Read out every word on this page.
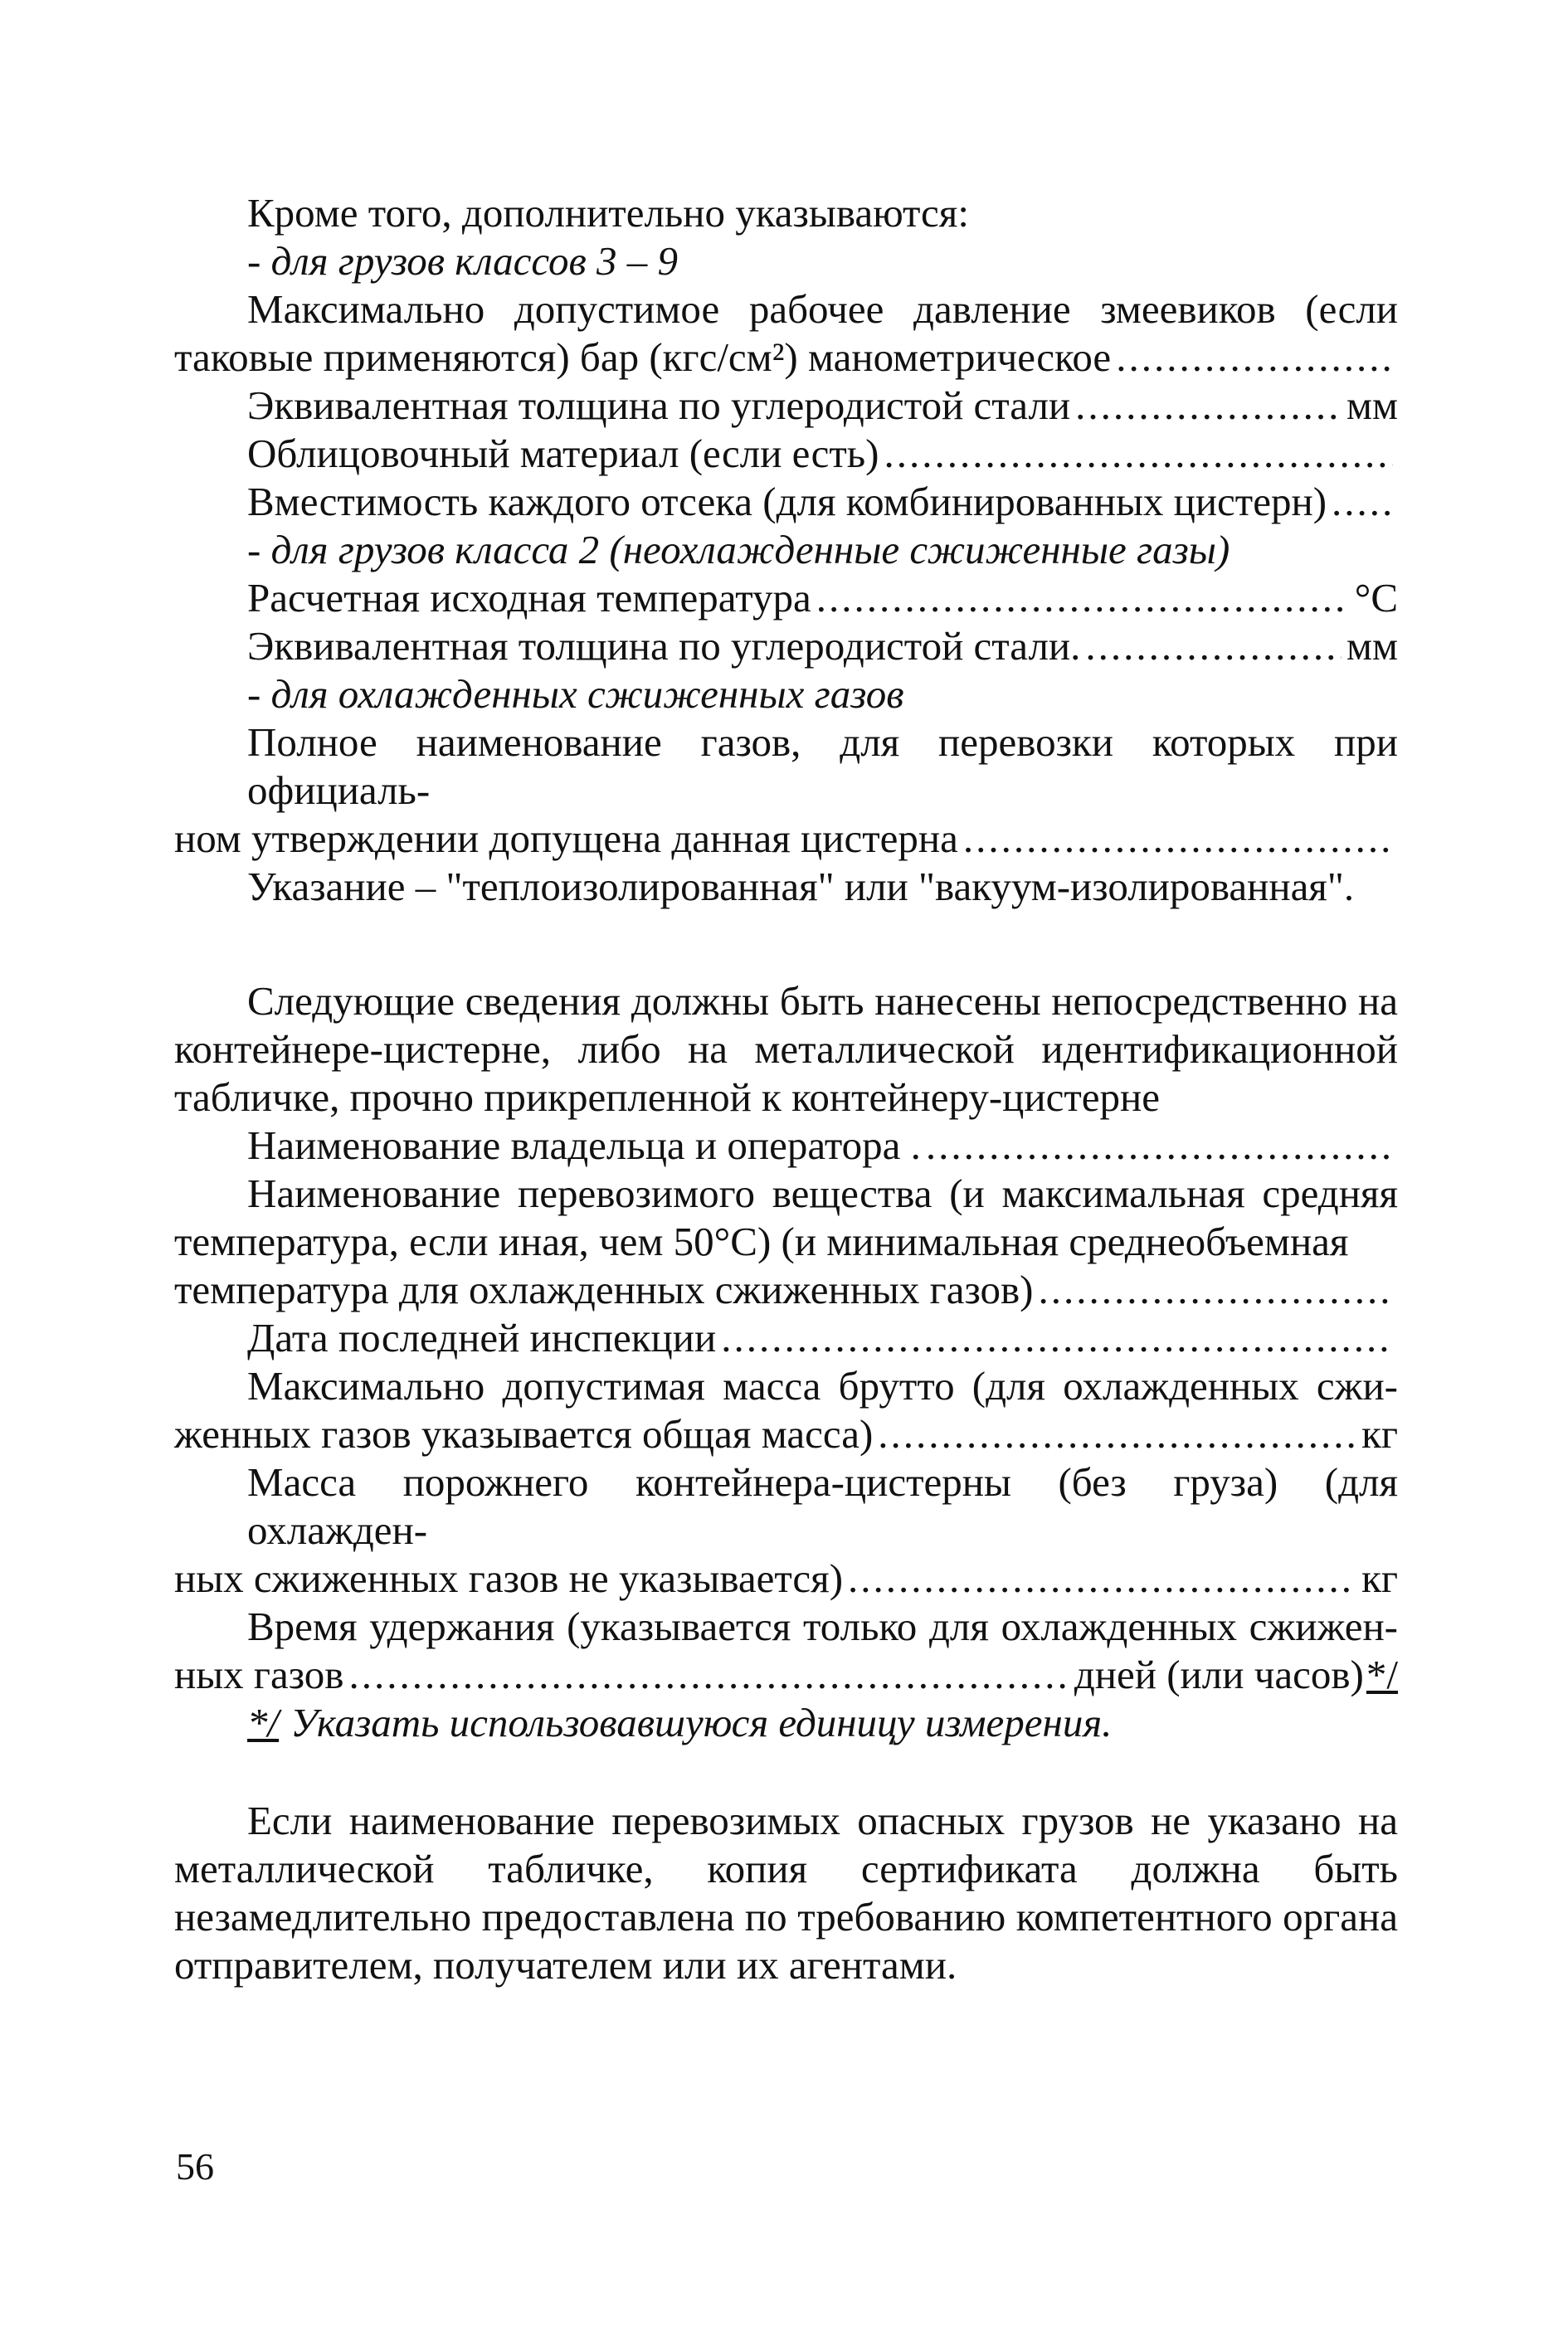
Кроме того, дополнительно указываются:
- для грузов классов 3 – 9
Максимально допустимое рабочее давление змеевиков (если
таковые применяются) бар (кгс/см²) манометрическое
.....
Эквивалентная толщина по углеродистой стали .....	мм
Облицовочный материал (если есть)
.....
Вместимость каждого отсека (для комбинированных цистерн)
.....
- для грузов класса 2 (неохлажденные сжиженные газы)
Расчетная исходная температура .....	°С
Эквивалентная толщина по углеродистой стали. .....	мм
- для охлажденных сжиженных газов
Полное наименование газов, для перевозки которых при официаль-
ном утверждении допущена данная цистерна
.....
Указание – "теплоизолированная" или "вакуум-изолированная".
Следующие сведения должны быть нанесены непосредственно на контейнере-цистерне, либо на металлической идентификационной табличке, прочно прикрепленной к контейнеру-цистерне
Наименование владельца и оператора .
.....
Наименование перевозимого вещества (и максимальная средняя температура, если иная, чем 50°С) (и минимальная среднеобъемная
температура для охлажденных сжиженных газов)
.....
Дата последней инспекции
.....
Максимально допустимая масса брутто (для охлажденных сжи-
женных газов указывается общая масса) .....	кг
Масса порожнего контейнера-цистерны (без груза) (для охлажден-
ных сжиженных газов не указывается) .....	кг
Время удержания (указывается только для охлажденных сжижен-
ных газов .....	дней (или часов) */
*/ Указать использовавшуюся единицу измерения.
Если наименование перевозимых опасных грузов не указано на металлической табличке, копия сертификата должна быть незамедлительно предоставлена по требованию компетентного органа отправителем, получателем или их агентами.
56
